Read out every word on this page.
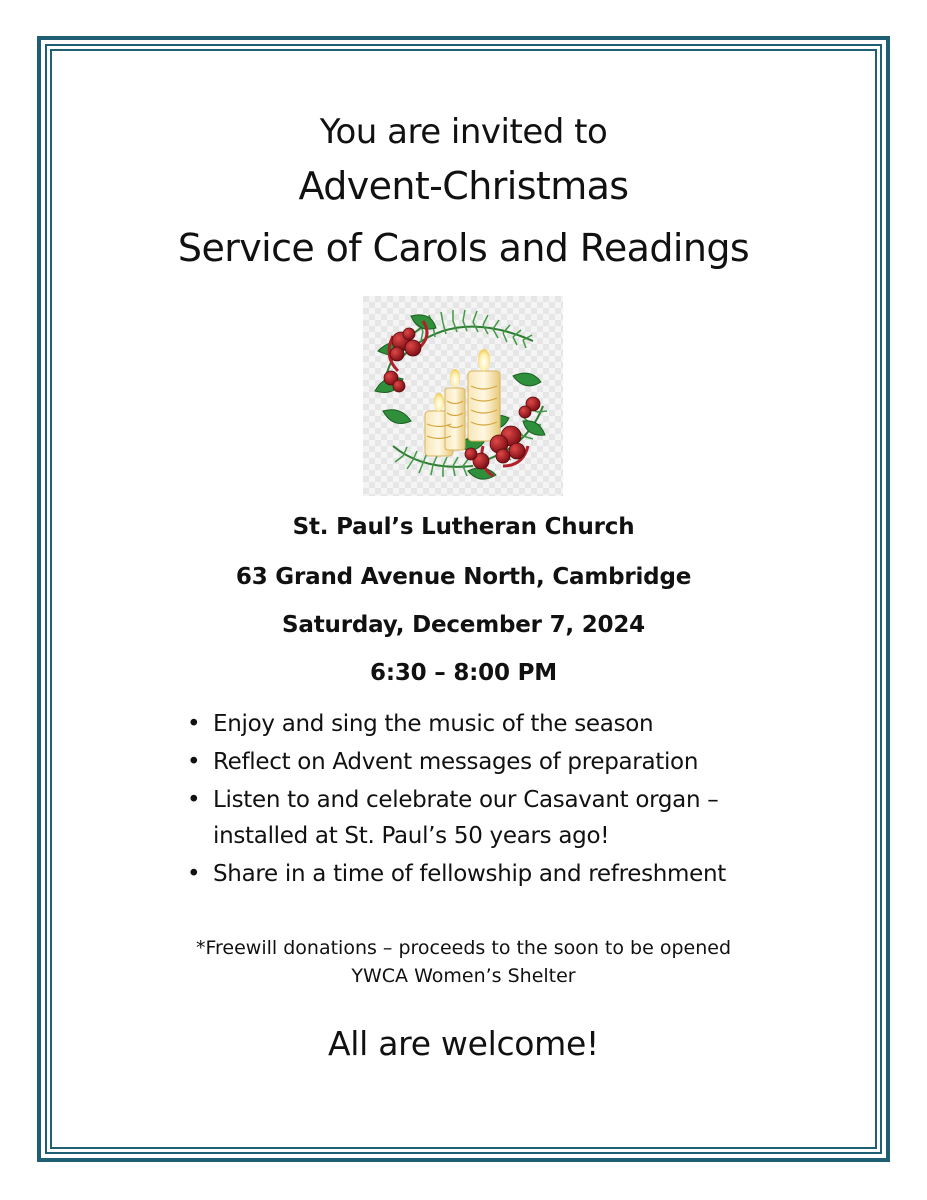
You are invited to
Advent-Christmas
Service of Carols and Readings
St. Paul’s Lutheran Church
63 Grand Avenue North, Cambridge
Saturday, December 7, 2024
6:30 – 8:00 PM
• Enjoy and sing the music of the season
• Reflect on Advent messages of preparation
• Listen to and celebrate our Casavant organ –
installed at St. Paul’s 50 years ago!
• Share in a time of fellowship and refreshment
*Freewill donations – proceeds to the soon to be opened
YWCA Women’s Shelter
All are welcome!
